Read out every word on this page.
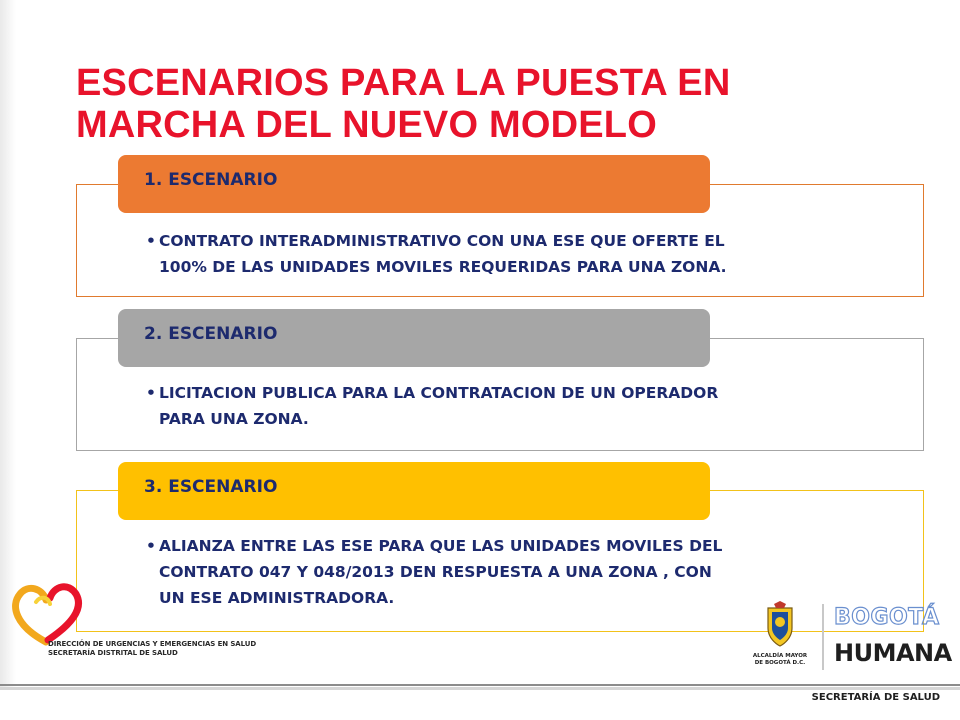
ESCENARIOS PARA LA PUESTA EN
MARCHA DEL NUEVO MODELO
1. ESCENARIO
• CONTRATO INTERADMINISTRATIVO CON UNA ESE QUE OFERTE EL
100% DE LAS UNIDADES MOVILES REQUERIDAS PARA UNA ZONA.
2. ESCENARIO
• LICITACION PUBLICA PARA LA CONTRATACION DE UN OPERADOR
PARA UNA ZONA.
3. ESCENARIO
• ALIANZA ENTRE LAS ESE PARA QUE LAS UNIDADES MOVILES DEL
CONTRATO 047 Y 048/2013 DEN RESPUESTA A UNA ZONA , CON
UN ESE ADMINISTRADORA.
DIRECCIÓN DE URGENCIAS Y EMERGENCIAS EN SALUD
SECRETARÍA DISTRITAL DE SALUD	ALCALDÍA MAYOR
DE BOGOTÁ D.C.
BOGOTÁ
HUMANA
SECRETARÍA DE SALUD
